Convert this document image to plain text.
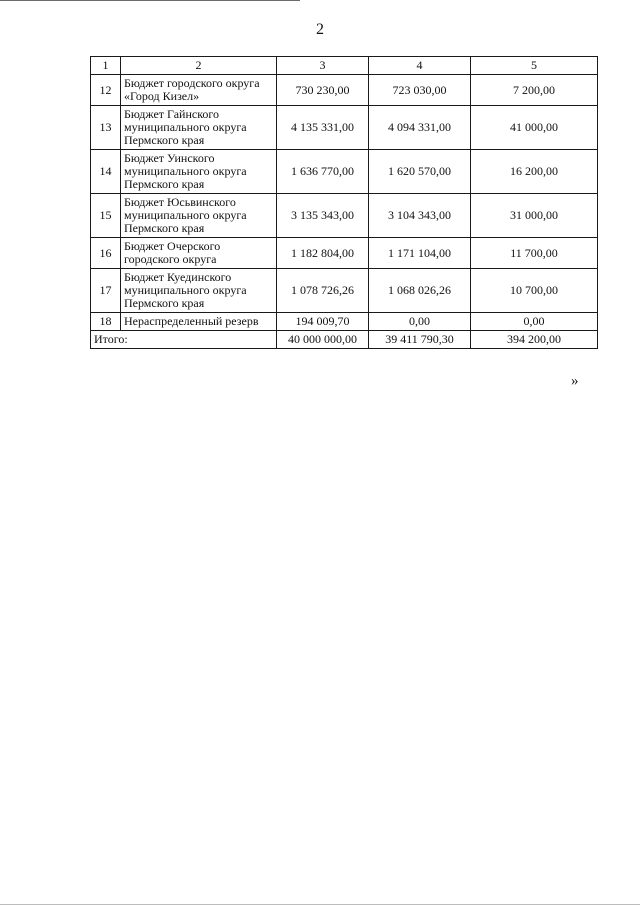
2
1	2	3	4	5
12	Бюджет городского округа «Город Кизел»	730 230,00	723 030,00	7 200,00
13	Бюджет Гайнского муниципального округа Пермского края	4 135 331,00	4 094 331,00	41 000,00
14	Бюджет Уинского муниципального округа Пермского края	1 636 770,00	1 620 570,00	16 200,00
15	Бюджет Юсьвинского муниципального округа Пермского края	3 135 343,00	3 104 343,00	31 000,00
16	Бюджет Очерского городского округа	1 182 804,00	1 171 104,00	11 700,00
17	Бюджет Куединского муниципального округа Пермского края	1 078 726,26	1 068 026,26	10 700,00
18	Нераспределенный резерв	194 009,70	0,00	0,00
Итого:		40 000 000,00	39 411 790,30	394 200,00
»
